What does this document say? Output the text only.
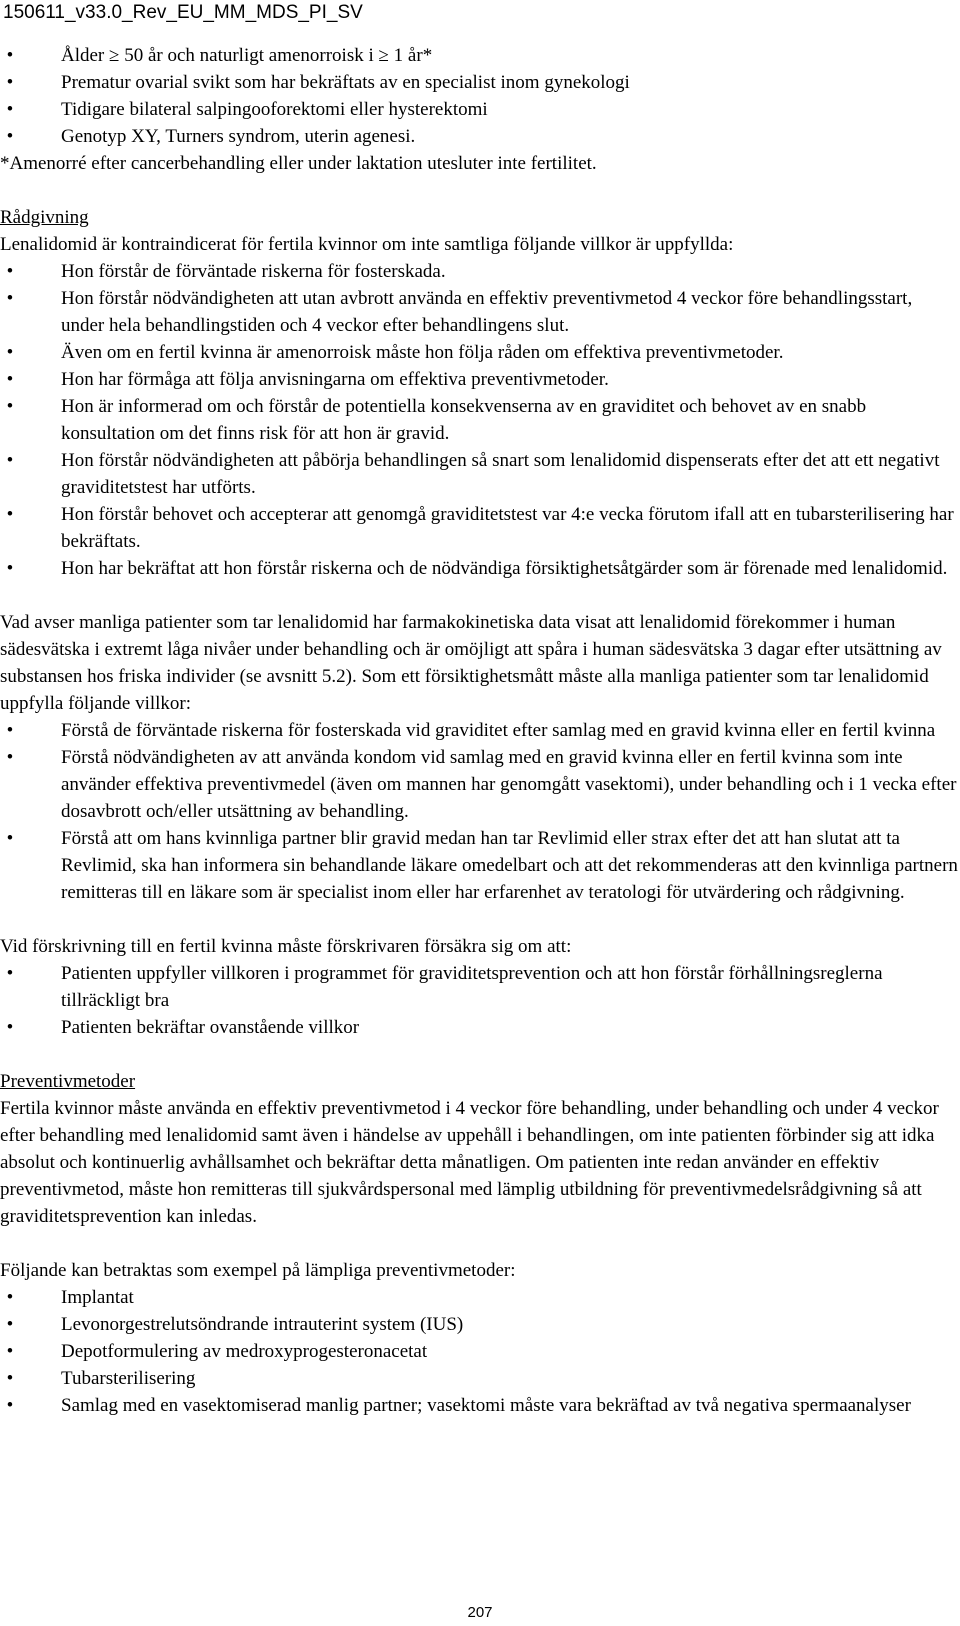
150611_v33.0_Rev_EU_MM_MDS_PI_SV
•	Ålder ≥ 50 år och naturligt amenorroisk i ≥ 1 år*
•	Prematur ovarial svikt som har bekräftats av en specialist inom gynekologi
•	Tidigare bilateral salpingooforektomi eller hysterektomi
•	Genotyp XY, Turners syndrom, uterin agenesi.

*Amenorré efter cancerbehandling eller under laktation utesluter inte fertilitet.

Rådgivning

Lenalidomid är kontraindicerat för fertila kvinnor om inte samtliga följande villkor är uppfyllda:

•	Hon förstår de förväntade riskerna för fosterskada.
•	Hon förstår nödvändigheten att utan avbrott använda en effektiv preventivmetod 4 veckor före behandlingsstart, under hela behandlingstiden och 4 veckor efter behandlingens slut.
•	Även om en fertil kvinna är amenorroisk måste hon följa råden om effektiva preventivmetoder.
•	Hon har förmåga att följa anvisningarna om effektiva preventivmetoder.
•	Hon är informerad om och förstår de potentiella konsekvenserna av en graviditet och behovet av en snabb konsultation om det finns risk för att hon är gravid.
•	Hon förstår nödvändigheten att påbörja behandlingen så snart som lenalidomid dispenserats efter det att ett negativt graviditetstest har utförts.
•	Hon förstår behovet och accepterar att genomgå graviditetstest var 4:e vecka förutom ifall att en tubarsterilisering har bekräftats.
•	Hon har bekräftat att hon förstår riskerna och de nödvändiga försiktighetsåtgärder som är förenade med lenalidomid.

Vad avser manliga patienter som tar lenalidomid har farmakokinetiska data visat att lenalidomid förekommer i human sädesvätska i extremt låga nivåer under behandling och är omöjligt att spåra i human sädesvätska 3 dagar efter utsättning av substansen hos friska individer (se avsnitt 5.2). Som ett försiktighetsmått måste alla manliga patienter som tar lenalidomid uppfylla följande villkor:

•	Förstå de förväntade riskerna för fosterskada vid graviditet efter samlag med en gravid kvinna eller en fertil kvinna
•	Förstå nödvändigheten av att använda kondom vid samlag med en gravid kvinna eller en fertil kvinna som inte använder effektiva preventivmedel (även om mannen har genomgått vasektomi), under behandling och i 1 vecka efter dosavbrott och/eller utsättning av behandling.
•	Förstå att om hans kvinnliga partner blir gravid medan han tar Revlimid eller strax efter det att han slutat att ta Revlimid, ska han informera sin behandlande läkare omedelbart och att det rekommenderas att den kvinnliga partnern remitteras till en läkare som är specialist inom eller har erfarenhet av teratologi för utvärdering och rådgivning.

Vid förskrivning till en fertil kvinna måste förskrivaren försäkra sig om att:

•	Patienten uppfyller villkoren i programmet för graviditetsprevention och att hon förstår förhållningsreglerna tillräckligt bra
•	Patienten bekräftar ovanstående villkor

Preventivmetoder

Fertila kvinnor måste använda en effektiv preventivmetod i 4 veckor före behandling, under behandling och under 4 veckor efter behandling med lenalidomid samt även i händelse av uppehåll i behandlingen, om inte patienten förbinder sig att idka absolut och kontinuerlig avhållsamhet och bekräftar detta månatligen. Om patienten inte redan använder en effektiv preventivmetod, måste hon remitteras till sjukvårdspersonal med lämplig utbildning för preventivmedelsrådgivning så att graviditetsprevention kan inledas.

Följande kan betraktas som exempel på lämpliga preventivmetoder:

•	Implantat
•	Levonorgestrelutsöndrande intrauterint system (IUS)
•	Depotformulering av medroxyprogesteronacetat
•	Tubarsterilisering
•	Samlag med en vasektomiserad manlig partner; vasektomi måste vara bekräftad av två negativa spermaanalyser
207
